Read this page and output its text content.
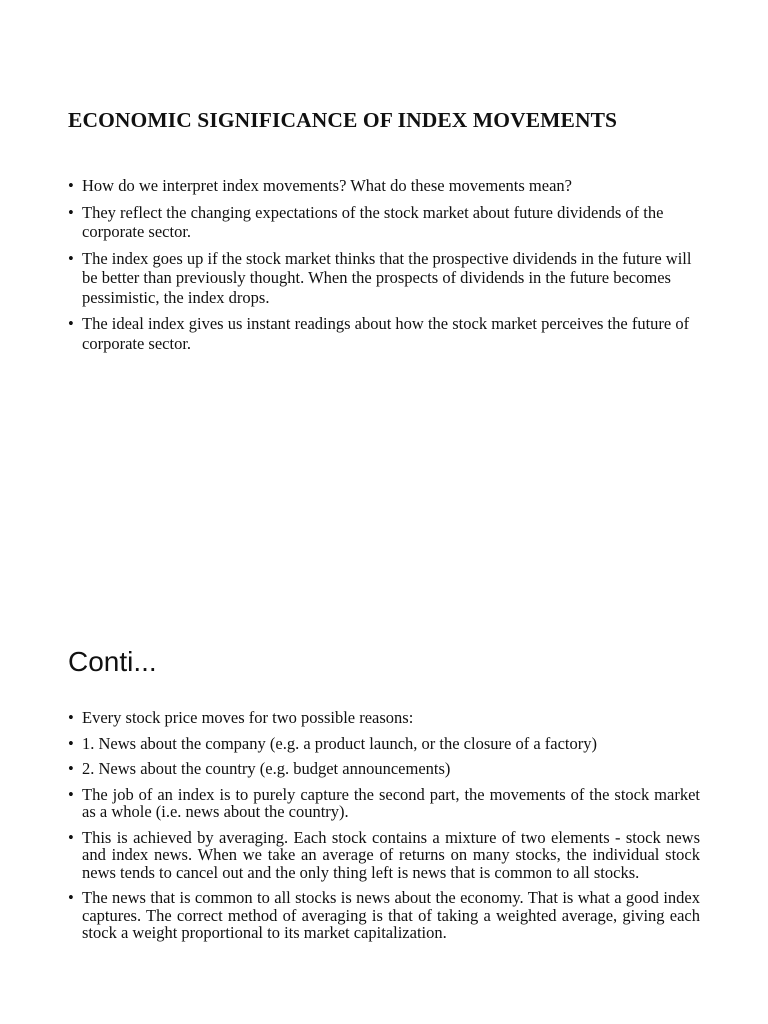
ECONOMIC SIGNIFICANCE OF INDEX MOVEMENTS
• How do we interpret index movements? What do these movements mean?
• They reflect the changing expectations of the stock market about future dividends of the corporate sector.
• The index goes up if the stock market thinks that the prospective dividends in the future will be better than previously thought. When the prospects of dividends in the future becomes pessimistic, the index drops.
• The ideal index gives us instant readings about how the stock market perceives the future of corporate sector.
Conti...
• Every stock price moves for two possible reasons:
• 1. News about the company (e.g. a product launch, or the closure of a factory)
• 2. News about the country (e.g. budget announcements)
• The job of an index is to purely capture the second part, the movements of the stock market as a whole (i.e. news about the country).
• This is achieved by averaging. Each stock contains a mixture of two elements - stock news and index news. When we take an average of returns on many stocks, the individual stock news tends to cancel out and the only thing left is news that is common to all stocks.
• The news that is common to all stocks is news about the economy. That is what a good index captures. The correct method of averaging is that of taking a weighted average, giving each stock a weight proportional to its market capitalization.
